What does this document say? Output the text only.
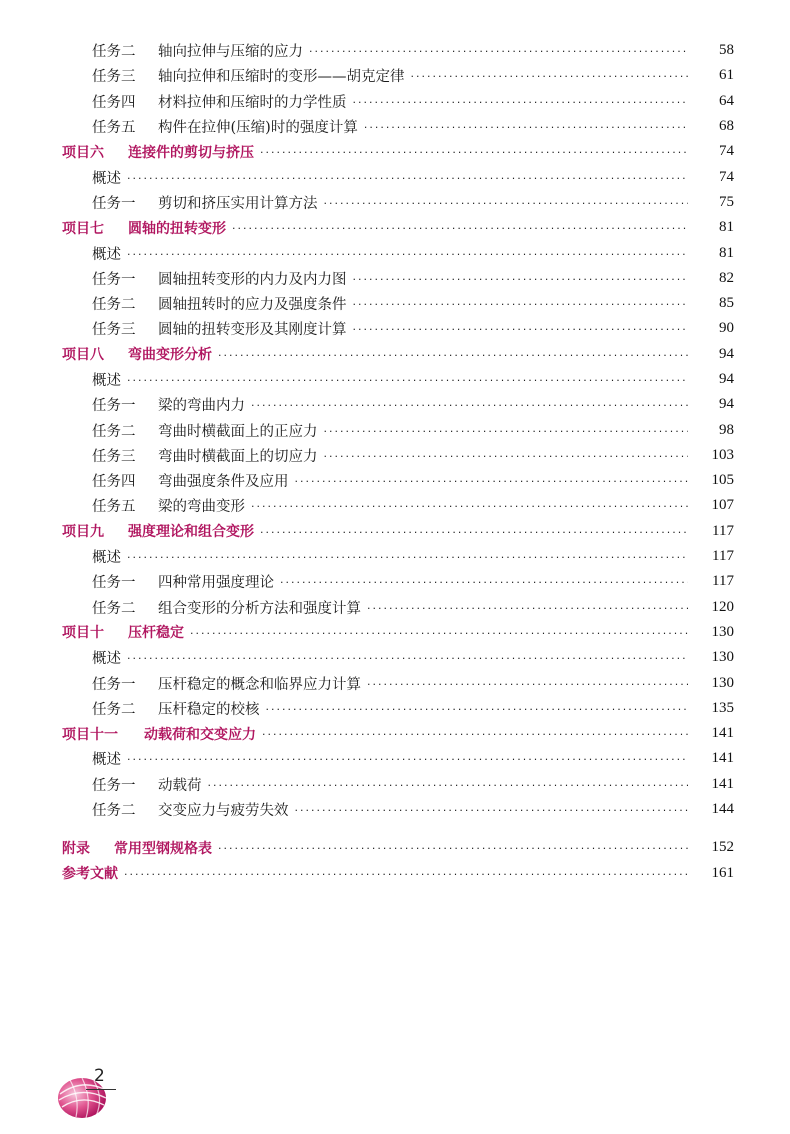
任务二	轴向拉伸与压缩的应力 ·····	58
任务三	轴向拉伸和压缩时的变形——胡克定律 ·····	61
任务四	材料拉伸和压缩时的力学性质 ·····	64
任务五	构件在拉伸(压缩)时的强度计算 ·····	68
项目六	连接件的剪切与挤压 ·····	74
概述 ·····	74
任务一	剪切和挤压实用计算方法 ·····	75
项目七	圆轴的扭转变形 ·····	81
概述 ·····	81
任务一	圆轴扭转变形的内力及内力图 ·····	82
任务二	圆轴扭转时的应力及强度条件 ·····	85
任务三	圆轴的扭转变形及其刚度计算 ·····	90
项目八	弯曲变形分析 ·····	94
概述 ·····	94
任务一	梁的弯曲内力 ·····	94
任务二	弯曲时横截面上的正应力 ·····	98
任务三	弯曲时横截面上的切应力 ·····	103
任务四	弯曲强度条件及应用 ·····	105
任务五	梁的弯曲变形 ·····	107
项目九	强度理论和组合变形 ·····	117
概述 ·····	117
任务一	四种常用强度理论 ·····	117
任务二	组合变形的分析方法和强度计算 ·····	120
项目十	压杆稳定 ·····	130
概述 ·····	130
任务一	压杆稳定的概念和临界应力计算 ·····	130
任务二	压杆稳定的校核 ·····	135
项目十一	动载荷和交变应力 ·····	141
概述 ·····	141
任务一	动载荷 ·····	141
任务二	交变应力与疲劳失效 ·····	144
附录	常用型钢规格表 ·····	152
参考文献 ·····	161
2
